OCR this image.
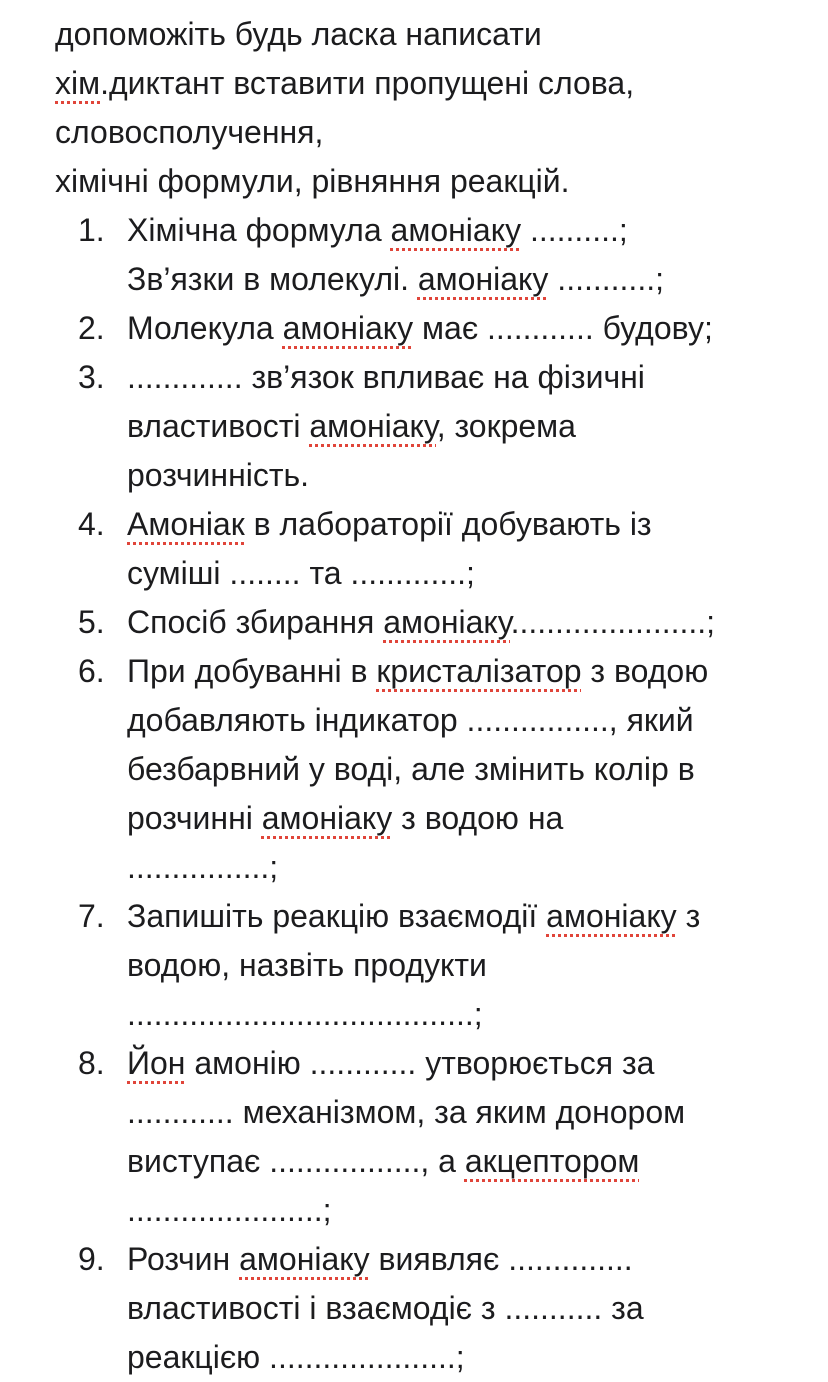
допоможіть будь ласка написати
хім.диктант вставити пропущені слова,
словосполучення,
хімічні формули, рівняння реакцій.
1. Хімічна формула амоніаку ..........;
Зв’язки в молекулі. амоніаку ...........;
2. Молекула амоніаку має ............ будову;
3. ............. зв’язок впливає на фізичні
властивості амоніаку, зокрема
розчинність.
4. Амоніак в лабораторії добувають із
суміші ........ та .............;
5. Спосіб збирання амоніаку......................;
6. При добуванні в кристалізатор з водою
добавляють індикатор ................, який
безбарвний у воді, але змінить колір в
розчинні амоніаку з водою на
................;
7. Запишіть реакцію взаємодії амоніаку з
водою, назвіть продукти
.......................................;
8. Йон амонію ............ утворюється за
............ механізмом, за яким донором
виступає ................., а акцептором
......................;
9. Розчин амоніаку виявляє ..............
властивості і взаємодіє з ........... за
реакцією .....................;
